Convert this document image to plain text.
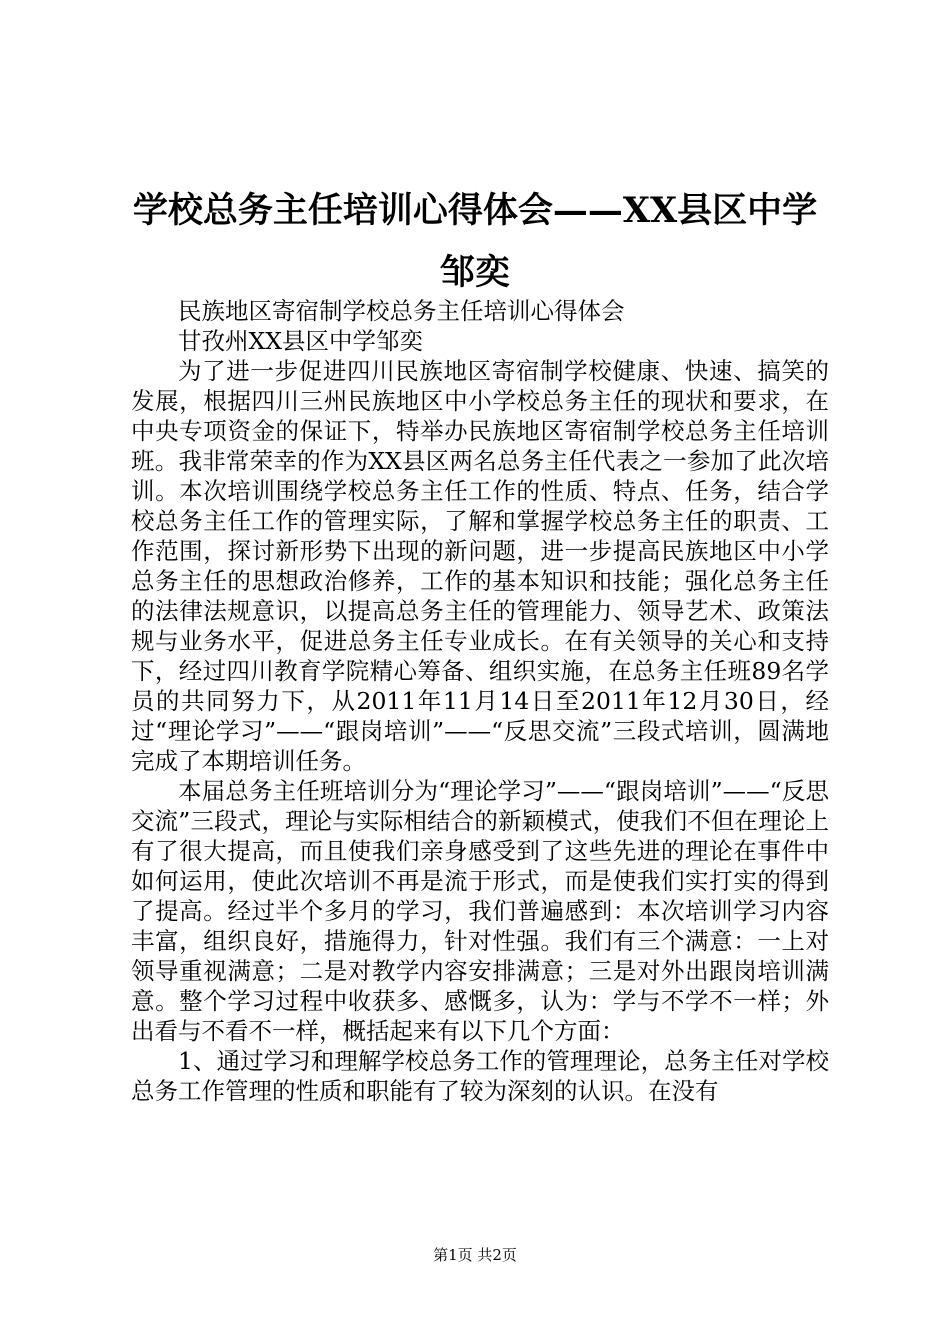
学校总务主任培训心得体会——XX县区中学邹奕

民族地区寄宿制学校总务主任培训心得体会

甘孜州XX县区中学邹奕

为了进一步促进四川民族地区寄宿制学校健康、快速、搞笑的发展，根据四川三州民族地区中小学校总务主任的现状和要求，在中央专项资金的保证下，特举办民族地区寄宿制学校总务主任培训班。我非常荣幸的作为XX县区两名总务主任代表之一参加了此次培训。本次培训围绕学校总务主任工作的性质、特点、任务，结合学校总务主任工作的管理实际，了解和掌握学校总务主任的职责、工作范围，探讨新形势下出现的新问题，进一步提高民族地区中小学总务主任的思想政治修养，工作的基本知识和技能；强化总务主任的法律法规意识，以提高总务主任的管理能力、领导艺术、政策法规与业务水平，促进总务主任专业成长。在有关领导的关心和支持下，经过四川教育学院精心筹备、组织实施，在总务主任班89名学员的共同努力下，从2011年11月14日至2011年12月30日，经过“理论学习”——“跟岗培训”——“反思交流”三段式培训，圆满地完成了本期培训任务。

本届总务主任班培训分为“理论学习”——“跟岗培训”——“反思交流”三段式，理论与实际相结合的新颖模式，使我们不但在理论上有了很大提高，而且使我们亲身感受到了这些先进的理论在事件中如何运用，使此次培训不再是流于形式，而是使我们实打实的得到了提高。经过半个多月的学习，我们普遍感到：本次培训学习内容丰富，组织良好，措施得力，针对性强。我们有三个满意：一上对领导重视满意；二是对教学内容安排满意；三是对外出跟岗培训满意。整个学习过程中收获多、感慨多，认为：学与不学不一样；外出看与不看不一样，概括起来有以下几个方面：

1、通过学习和理解学校总务工作的管理理论，总务主任对学校总务工作管理的性质和职能有了较为深刻的认识。在没有

第1页 共2页
